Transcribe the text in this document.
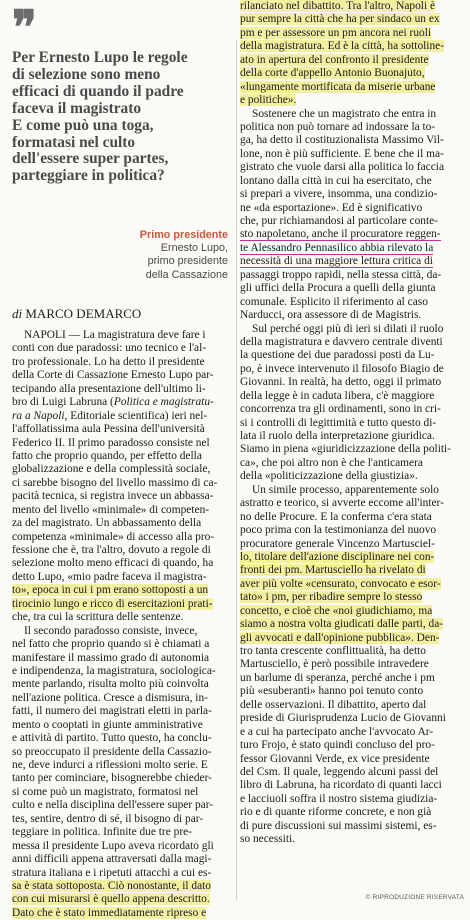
❞
Per Ernesto Lupo le regole
di selezione sono meno
efficaci di quando il padre
faceva il magistrato
E come può una toga,
formatasi nel culto
dell'essere super partes,
parteggiare in politica?
Primo presidente
Ernesto Lupo,
primo presidente
della Cassazione
di MARCO DEMARCO
NAPOLI — La magistratura deve fare i
conti con due paradossi: uno tecnico e l'al-
tro professionale. Lo ha detto il presidente
della Corte di Cassazione Ernesto Lupo par-
tecipando alla presentazione dell'ultimo li-
bro di Luigi Labruna (Politica e magistratu-
ra a Napoli, Editoriale scientifica) ieri nel-
l'affollatissima aula Pessina dell'università
Federico II. Il primo paradosso consiste nel
fatto che proprio quando, per effetto della
globalizzazione e della complessità sociale,
ci sarebbe bisogno del livello massimo di ca-
pacità tecnica, si registra invece un abbassa-
mento del livello «minimale» di competen-
za del magistrato. Un abbassamento della
competenza «minimale» di accesso alla pro-
fessione che è, tra l'altro, dovuto a regole di
selezione molto meno efficaci di quando, ha
detto Lupo, «mio padre faceva il magistra-
to», epoca in cui i pm erano sottoposti a un
tirocinio lungo e ricco di esercitazioni prati-
che, tra cui la scrittura delle sentenze.
Il secondo paradosso consiste, invece,
nel fatto che proprio quando si è chiamati a
manifestare il massimo grado di autonomia
e indipendenza, la magistratura, sociologica-
mente parlando, risulta molto più coinvolta
nell'azione politica. Cresce a dismisura, in-
fatti, il numero dei magistrati eletti in parla-
mento o cooptati in giunte amministrative
e attività di partito. Tutto questo, ha conclu-
so preoccupato il presidente della Cassazio-
ne, deve indurci a riflessioni molto serie. E
tanto per cominciare, bisognerebbe chieder-
si come può un magistrato, formatosi nel
culto e nella disciplina dell'essere super par-
tes, sentire, dentro di sé, il bisogno di par-
teggiare in politica. Infinite due tre pre-
messa il presidente Lupo aveva ricordato gli
anni difficili appena attraversati dalla magi-
stratura italiana e i ripetuti attacchi a cui es-
sa è stata sottoposta. Ciò nonostante, il dato
con cui misurarsi è quello appena descritto.
Dato che è stato immediatamente ripreso e
rilanciato nel dibattito. Tra l'altro, Napoli è
pur sempre la città che ha per sindaco un ex
pm e per assessore un pm ancora nei ruoli
della magistratura. Ed è la città, ha sottoline-
ato in apertura del confronto il presidente
della corte d'appello Antonio Buonajuto,
«lungamente mortificata da miserie urbane
e politiche».
Sostenere che un magistrato che entra in
politica non può tornare ad indossare la to-
ga, ha detto il costituzionalista Massimo Vil-
lone, non è più sufficiente. È bene che il ma-
gistrato che vuole darsi alla politica lo faccia
lontano dalla città in cui ha esercitato, che
si prepari a vivere, insomma, una condizio-
ne «da esportazione». Ed è significativo
che, pur richiamandosi al particolare conte-
sto napoletano, anche il procuratore reggen-
te Alessandro Pennasilico abbia rilevato la
necessità di una maggiore lettura critica di
passaggi troppo rapidi, nella stessa città, da-
gli uffici della Procura a quelli della giunta
comunale. Esplicito il riferimento al caso
Narducci, ora assessore di de Magistris.
Sul perché oggi più di ieri si dilati il ruolo
della magistratura e davvero centrale diventi
la questione dei due paradossi posti da Lu-
po, è invece intervenuto il filosofo Biagio de
Giovanni. In realtà, ha detto, oggi il primato
della legge è in caduta libera, c'è maggiore
concorrenza tra gli ordinamenti, sono in cri-
si i controlli di legittimità e tutto questo di-
lata il ruolo della interpretazione giuridica.
Siamo in piena «giuridicizzazione della politi-
ca», che poi altro non è che l'anticamera
della «politicizzazione della giustizia».
Un simile processo, apparentemente solo
astratto e teorico, si avverte eccome all'inter-
no delle Procure. E la conferma c'era stata
poco prima con la testimonianza del nuovo
procuratore generale Vincenzo Martusciel-
lo, titolare dell'azione disciplinare nei con-
fronti dei pm. Martusciello ha rivelato di
aver più volte «censurato, convocato e esor-
tato» i pm, per ribadire sempre lo stesso
concetto, e cioè che «noi giudichiamo, ma
siamo a nostra volta giudicati dalle parti, da-
gli avvocati e dall'opinione pubblica». Den-
tro tanta crescente conflittualità, ha detto
Martusciello, è però possibile intravedere
un barlume di speranza, perché anche i pm
più «esuberanti» hanno poi tenuto conto
delle osservazioni. Il dibattito, aperto dal
preside di Giurisprudenza Lucio de Giovanni
e a cui ha partecipato anche l'avvocato Ar-
turo Frojo, è stato quindi concluso del pro-
fessor Giovanni Verde, ex vice presidente
del Csm. Il quale, leggendo alcuni passi del
libro di Labruna, ha ricordato di quanti lacci
e lacciuoli soffra il nostro sistema giudizia-
rio e di quante riforme concrete, e non già
di pure discussioni sui massimi sistemi, es-
so necessiti.
© RIPRODUZIONE RISERVATA
